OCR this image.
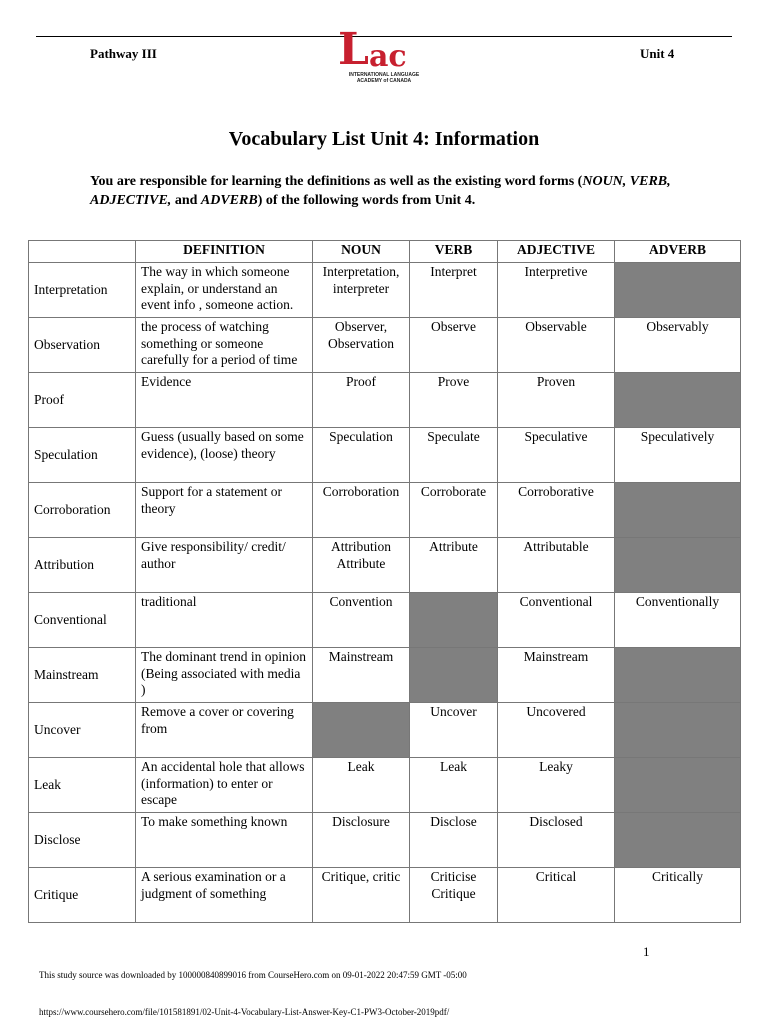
Pathway III	Unit 4
L ac
INTERNATIONAL LANGUAGE
ACADEMY of CANADA
Vocabulary List Unit 4: Information
You are responsible for learning the definitions as well as the existing word forms (NOUN, VERB, ADJECTIVE, and ADVERB) of the following words from Unit 4.
	DEFINITION	NOUN	VERB	ADJECTIVE	ADVERB
Interpretation	The way in which someone explain, or understand an event info , someone action.	Interpretation, interpreter	Interpret	Interpretive	
Observation	the process of watching something or someone carefully for a period of time	Observer, Observation	Observe	Observable	Observably
Proof	Evidence	Proof	Prove	Proven	
Speculation	Guess (usually based on some evidence), (loose) theory	Speculation	Speculate	Speculative	Speculatively
Corroboration	Support for a statement or theory	Corroboration	Corroborate	Corroborative	
Attribution	Give responsibility/ credit/ author	Attribution Attribute	Attribute	Attributable	
Conventional	traditional	Convention		Conventional	Conventionally
Mainstream	The dominant trend in opinion (Being associated with media )	Mainstream		Mainstream	
Uncover	Remove a cover or covering from		Uncover	Uncovered	
Leak	An accidental hole that allows (information) to enter or escape	Leak	Leak	Leaky	
Disclose	To make something known	Disclosure	Disclose	Disclosed	
Critique	A serious examination or a judgment of something	Critique, critic	Criticise Critique	Critical	Critically
1
This study source was downloaded by 100000840899016 from CourseHero.com on 09-01-2022 20:47:59 GMT -05:00
https://www.coursehero.com/file/101581891/02-Unit-4-Vocabulary-List-Answer-Key-C1-PW3-October-2019pdf/
